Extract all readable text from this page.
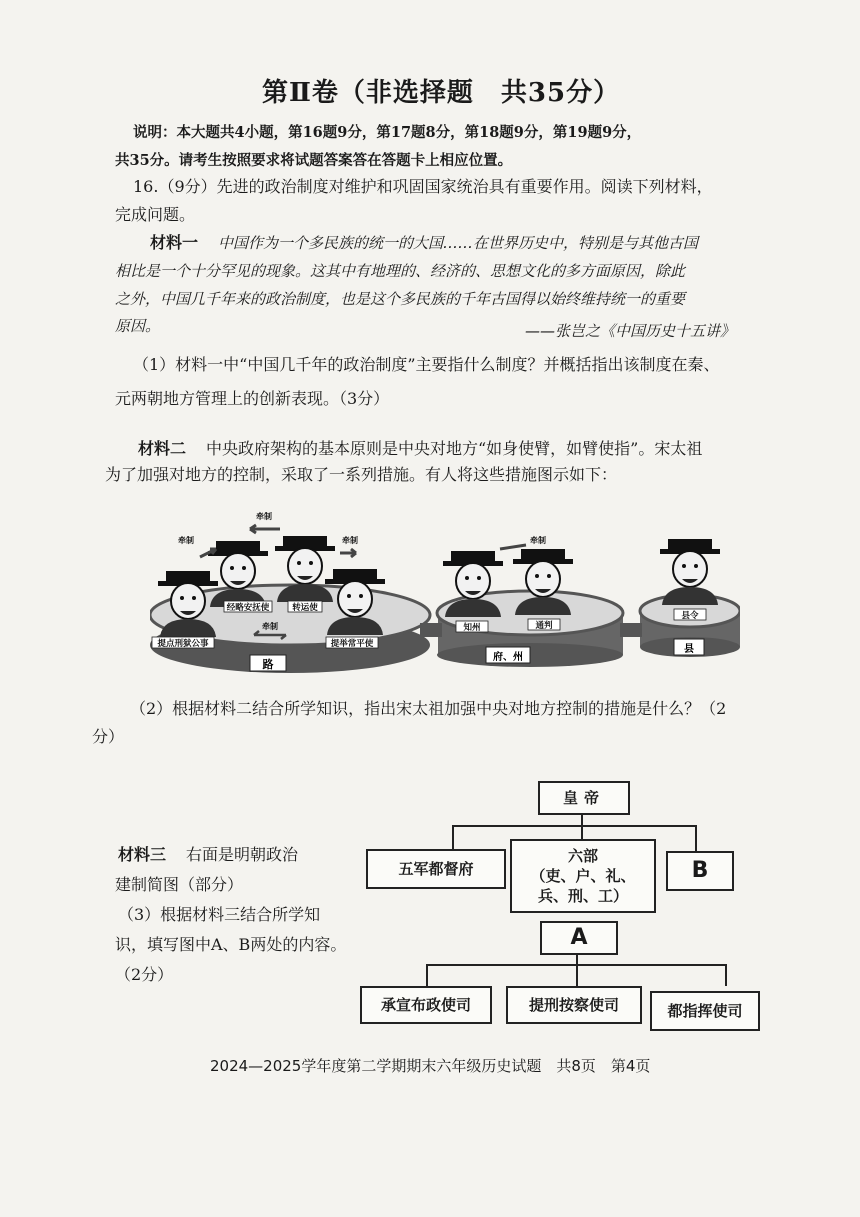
第Ⅱ卷（非选择题　共35分）
说明：本大题共4小题，第16题9分，第17题8分，第18题9分，第19题9分，
共35分。请考生按照要求将试题答案答在答题卡上相应位置。
16.（9分）先进的政治制度对维护和巩固国家统治具有重要作用。阅读下列材料，
完成问题。
材料一 中国作为一个多民族的统一的大国……在世界历史中，特别是与其他古国
相比是一个十分罕见的现象。这其中有地理的、经济的、思想文化的多方面原因，除此
之外，中国几千年来的政治制度，也是这个多民族的千年古国得以始终维持统一的重要
原因。	——张岂之《中国历史十五讲》
（1）材料一中“中国几千年的政治制度”主要指什么制度？并概括指出该制度在秦、
元两朝地方管理上的创新表现。（3分）
材料二 中央政府架构的基本原则是中央对地方“如身使臂，如臂使指”。宋太祖
为了加强对地方的控制，采取了一系列措施。有人将这些措施图示如下：
路
府、州
县
经略安抚使	转运使
提点刑狱公事	提举常平使
知州	通判
县令
牵制
牵制	牵制
牵制
牵制
（2）根据材料二结合所学知识，指出宋太祖加强中央对地方控制的措施是什么？（2
分）
材料三 右面是明朝政治
建制简图（部分）
（3）根据材料三结合所学知
识，填写图中A、B两处的内容。
（2分）
皇帝
五军都督府
六部
（吏、户、礼、
兵、刑、工）
B
A
承宣布政使司	提刑按察使司	都指挥使司
2024—2025学年度第二学期期末六年级历史试题　共8页　第4页
